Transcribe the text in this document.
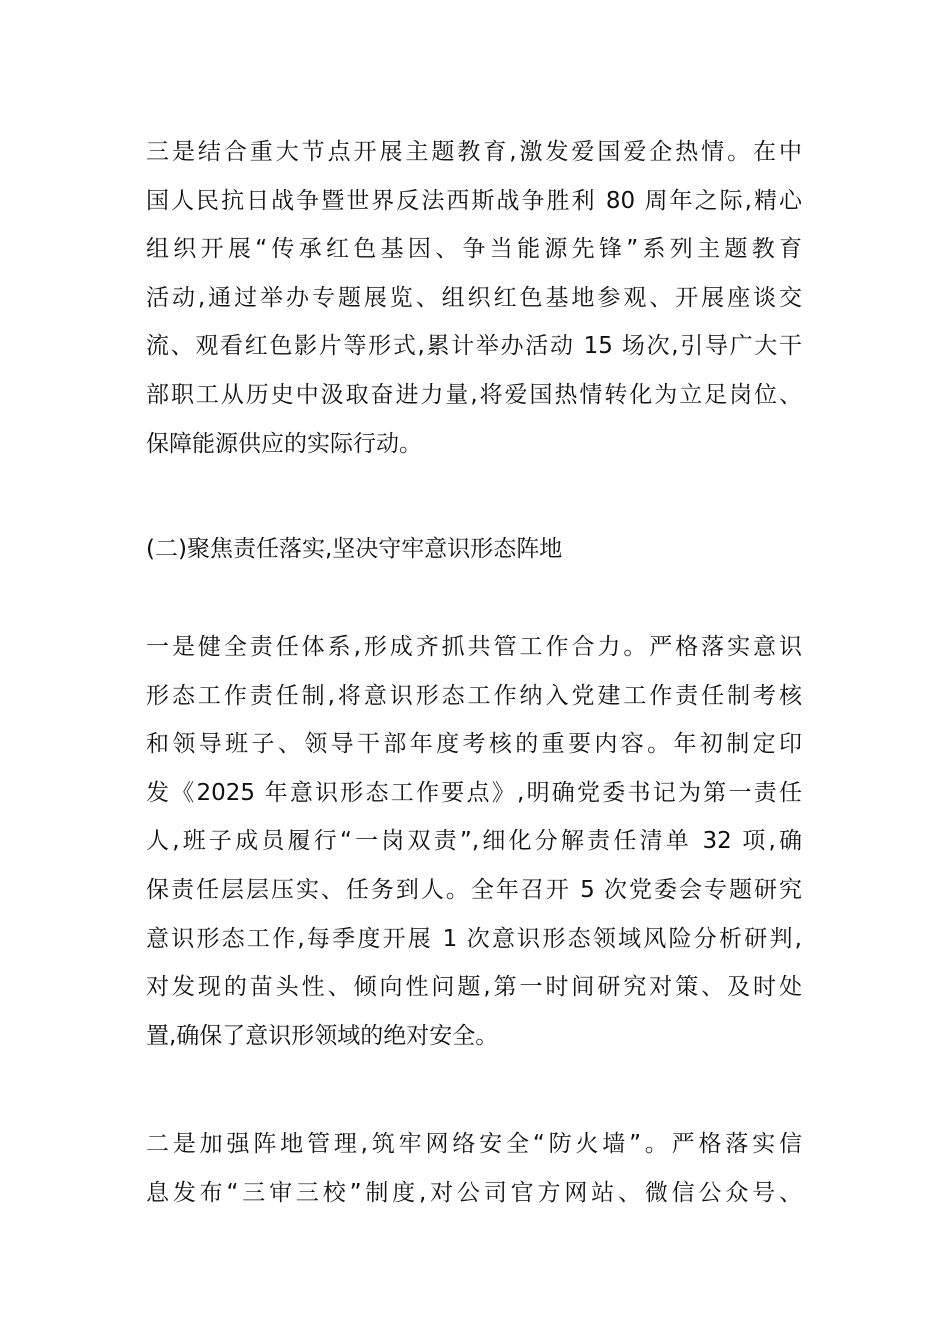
三是结合重大节点开展主题教育,激发爱国爱企热情。在中
国人民抗日战争暨世界反法西斯战争胜利 80 周年之际,精心
组织开展“传承红色基因、争当能源先锋”系列主题教育
活动,通过举办专题展览、组织红色基地参观、开展座谈交
流、观看红色影片等形式,累计举办活动 15 场次,引导广大干
部职工从历史中汲取奋进力量,将爱国热情转化为立足岗位、
保障能源供应的实际行动。
(二)聚焦责任落实,坚决守牢意识形态阵地
一是健全责任体系,形成齐抓共管工作合力。严格落实意识
形态工作责任制,将意识形态工作纳入党建工作责任制考核
和领导班子、领导干部年度考核的重要内容。年初制定印
发《2025 年意识形态工作要点》,明确党委书记为第一责任
人,班子成员履行“一岗双责”,细化分解责任清单 32 项,确
保责任层层压实、任务到人。全年召开 5 次党委会专题研究
意识形态工作,每季度开展 1 次意识形态领域风险分析研判,
对发现的苗头性、倾向性问题,第一时间研究对策、及时处
置,确保了意识形领域的绝对安全。
二是加强阵地管理,筑牢网络安全“防火墙”。严格落实信
息发布“三审三校”制度,对公司官方网站、微信公众号、
